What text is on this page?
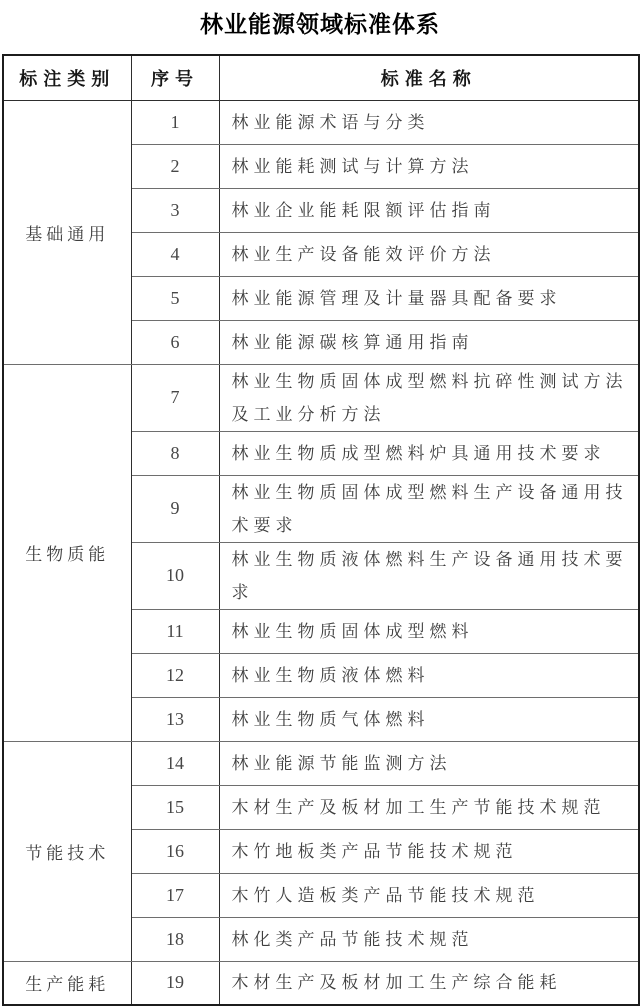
林业能源领域标准体系
标注类别	序号	标准名称
基础通用	1	林业能源术语与分类
	2	林业能耗测试与计算方法
	3	林业企业能耗限额评估指南
	4	林业生产设备能效评价方法
	5	林业能源管理及计量器具配备要求
	6	林业能源碳核算通用指南
生物质能	7	林业生物质固体成型燃料抗碎性测试方法及工业分析方法
	8	林业生物质成型燃料炉具通用技术要求
	9	林业生物质固体成型燃料生产设备通用技术要求
	10	林业生物质液体燃料生产设备通用技术要求
	11	林业生物质固体成型燃料
	12	林业生物质液体燃料
	13	林业生物质气体燃料
节能技术	14	林业能源节能监测方法
	15	木材生产及板材加工生产节能技术规范
	16	木竹地板类产品节能技术规范
	17	木竹人造板类产品节能技术规范
	18	林化类产品节能技术规范
生产能耗	19	木材生产及板材加工生产综合能耗
